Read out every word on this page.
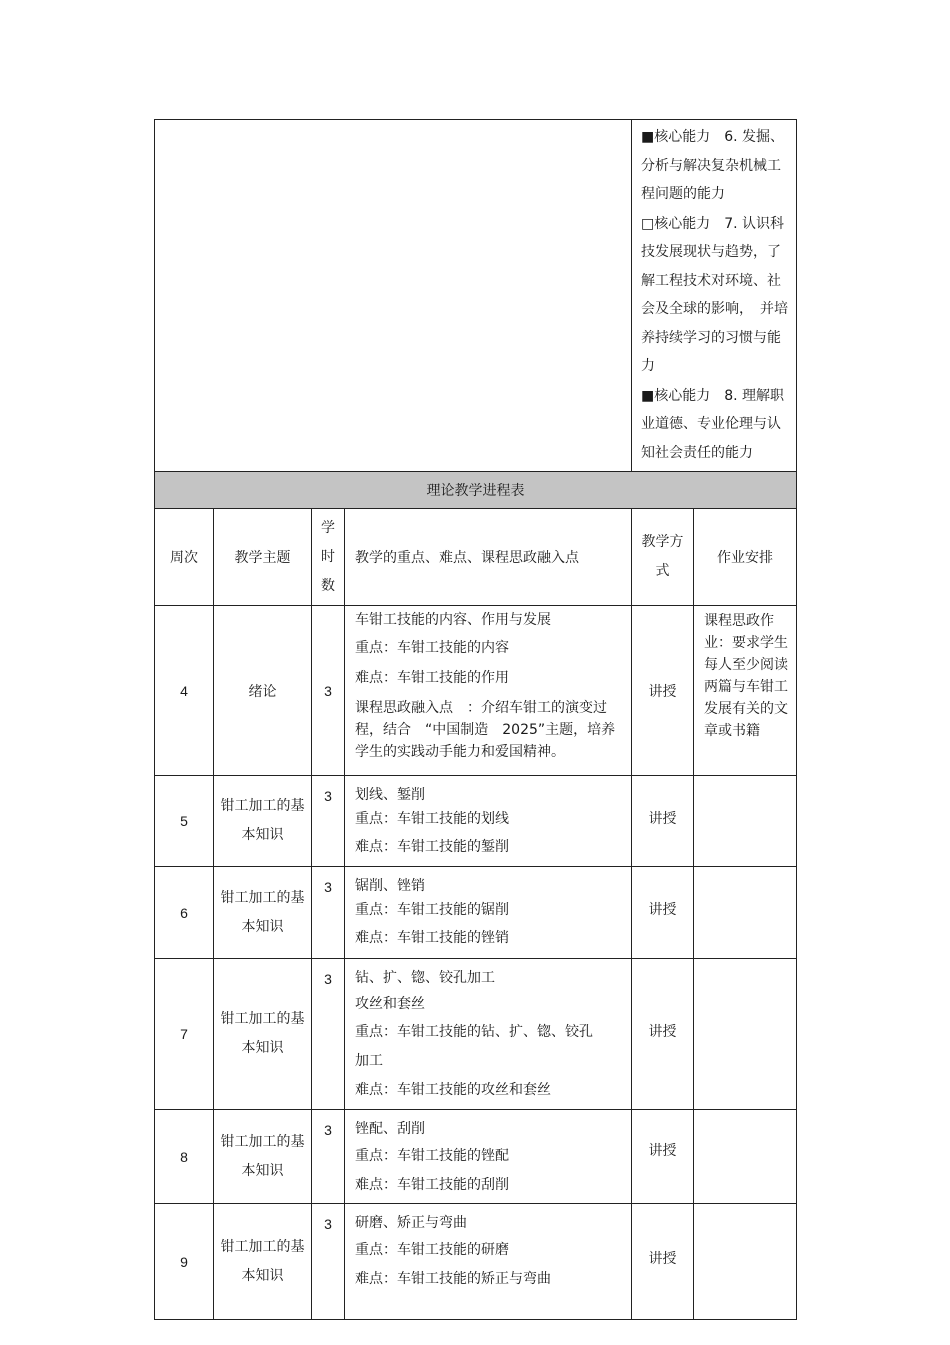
				■核心能力　6. 发掘、分析与解决复杂机械工程问题的能力

□核心能力　7. 认识科技发展现状与趋势，了解工程技术对环境、社会及全球的影响，　并培养持续学习的习惯与能力

■核心能力　8. 理解职业道德、专业伦理与认知社会责任的能力	

理论教学进程表					
周次	教学主题	学时数	教学的重点、难点、课程思政融入点	教学方式	作业安排
4	绪论	3	车钳工技能的内容、作用与发展
重点：车钳工技能的内容
难点：车钳工技能的作用
课程思政融入点　：介绍车钳工的演变过程，结合　“中国制造　2025”主题，培养学生的实践动手能力和爱国精神。	讲授	课程思政作业：要求学生每人至少阅读两篇与车钳工发展有关的文章或书籍
5	钳工加工的基本知识	3	划线、錾削
重点：车钳工技能的划线
难点：车钳工技能的錾削	讲授	
6	钳工加工的基本知识	3	锯削、锉销
重点：车钳工技能的锯削
难点：车钳工技能的锉销	讲授	
7	钳工加工的基本知识	3	钻、扩、锪、铰孔加工
攻丝和套丝
重点：车钳工技能的钻、扩、锪、铰孔加工
难点：车钳工技能的攻丝和套丝	讲授	
8	钳工加工的基本知识	3	锉配、刮削
重点：车钳工技能的锉配
难点：车钳工技能的刮削	讲授	
9	钳工加工的基本知识	3	研磨、矫正与弯曲
重点：车钳工技能的研磨
难点：车钳工技能的矫正与弯曲	讲授	
